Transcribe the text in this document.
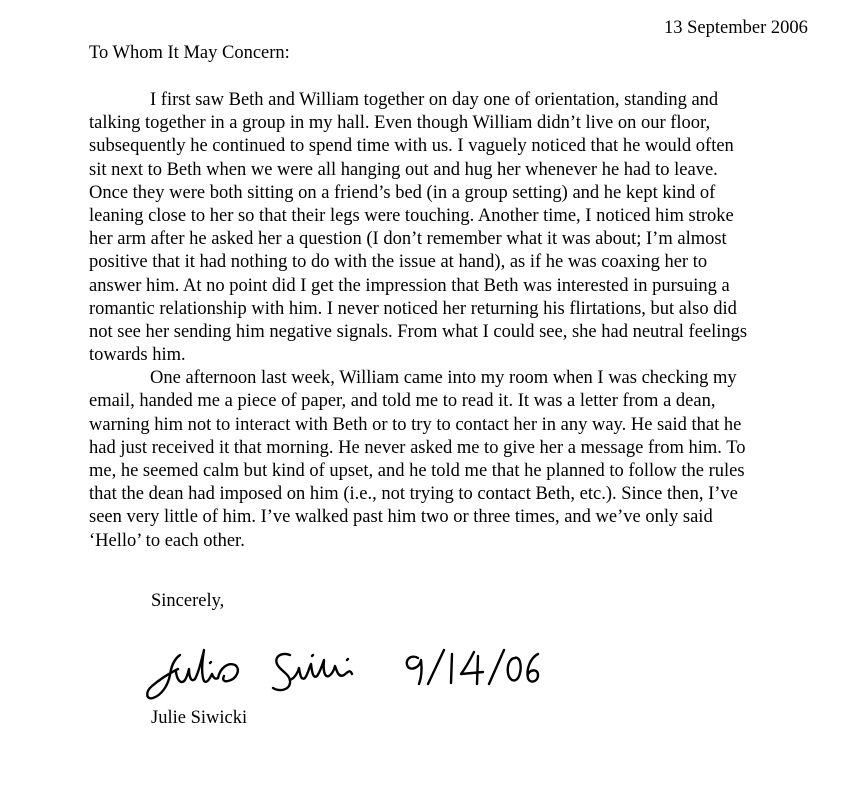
13 September 2006
To Whom It May Concern:

I first saw Beth and William together on day one of orientation, standing and

talking together in a group in my hall. Even though William didn’t live on our floor,

subsequently he continued to spend time with us. I vaguely noticed that he would often

sit next to Beth when we were all hanging out and hug her whenever he had to leave.

Once they were both sitting on a friend’s bed (in a group setting) and he kept kind of

leaning close to her so that their legs were touching. Another time, I noticed him stroke

her arm after he asked her a question (I don’t remember what it was about; I’m almost

positive that it had nothing to do with the issue at hand), as if he was coaxing her to

answer him. At no point did I get the impression that Beth was interested in pursuing a

romantic relationship with him. I never noticed her returning his flirtations, but also did

not see her sending him negative signals. From what I could see, she had neutral feelings

towards him.

One afternoon last week, William came into my room when I was checking my

email, handed me a piece of paper, and told me to read it. It was a letter from a dean,

warning him not to interact with Beth or to try to contact her in any way. He said that he

had just received it that morning. He never asked me to give her a message from him. To

me, he seemed calm but kind of upset, and he told me that he planned to follow the rules

that the dean had imposed on him (i.e., not trying to contact Beth, etc.). Since then, I’ve

seen very little of him. I’ve walked past him two or three times, and we’ve only said

‘Hello’ to each other.

Sincerely,
Julie Siwicki
